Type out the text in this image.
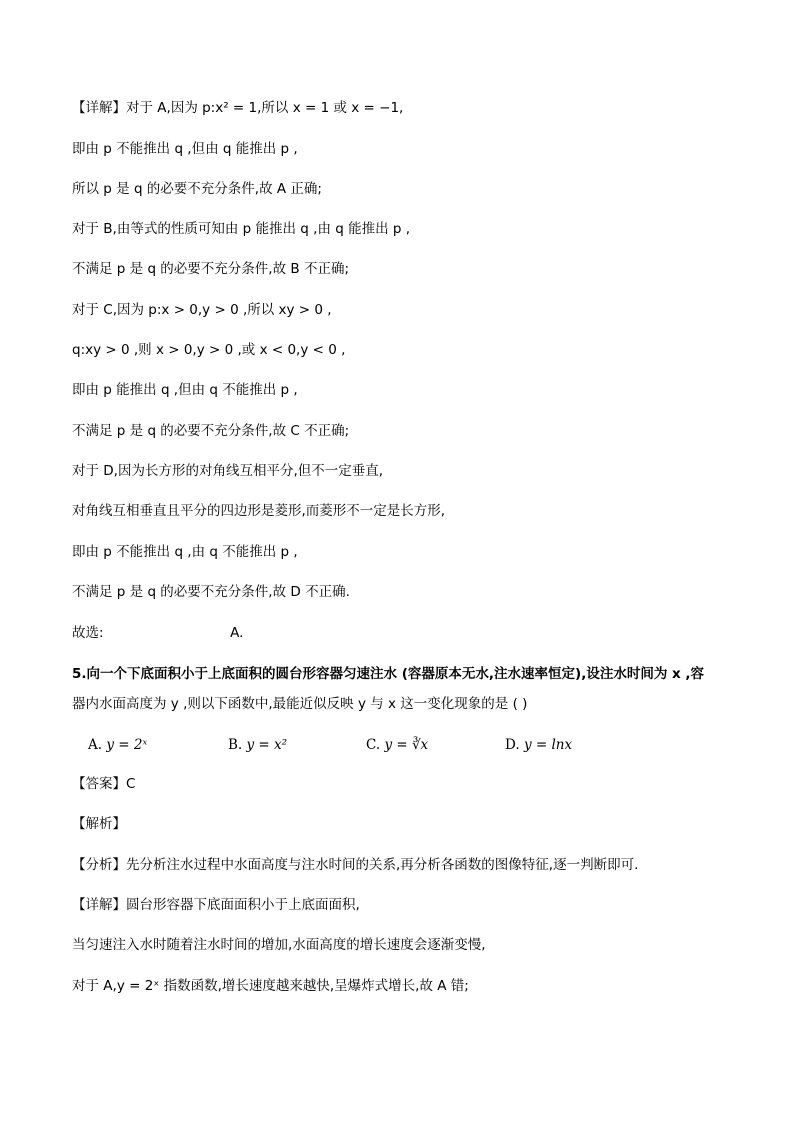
【详解】对于 A,因为 p:x² = 1,所以 x = 1 或 x = −1,
即由 p 不能推出 q ,但由 q 能推出 p ,
所以 p 是 q 的必要不充分条件,故 A 正确;
对于 B,由等式的性质可知由 p 能推出 q ,由 q 能推出 p ,
不满足 p 是 q 的必要不充分条件,故 B 不正确;
对于 C,因为 p:x > 0,y > 0 ,所以 xy > 0 ,
q:xy > 0 ,则 x > 0,y > 0 ,或 x < 0,y < 0 ,
即由 p 能推出 q ,但由 q 不能推出 p ,
不满足 p 是 q 的必要不充分条件,故 C 不正确;
对于 D,因为长方形的对角线互相平分,但不一定垂直,
对角线互相垂直且平分的四边形是菱形,而菱形不一定是长方形,
即由 p 不能推出 q ,由 q 不能推出 p ,
不满足 p 是 q 的必要不充分条件,故 D 不正确.
故选:	A.
5.向一个下底面积小于上底面积的圆台形容器匀速注水 (容器原本无水,注水速率恒定),设注水时间为 x ,容
器内水面高度为 y ,则以下函数中,最能近似反映 y 与 x 这一变化现象的是 ( )
A. y = 2ˣ	B. y = x²	C. y = ∛x	D. y = lnx
【答案】C
【解析】
【分析】先分析注水过程中水面高度与注水时间的关系,再分析各函数的图像特征,逐一判断即可.
【详解】圆台形容器下底面面积小于上底面面积,
当匀速注入水时随着注水时间的增加,水面高度的增长速度会逐渐变慢,
对于 A,y = 2ˣ 指数函数,增长速度越来越快,呈爆炸式增长,故 A 错;
